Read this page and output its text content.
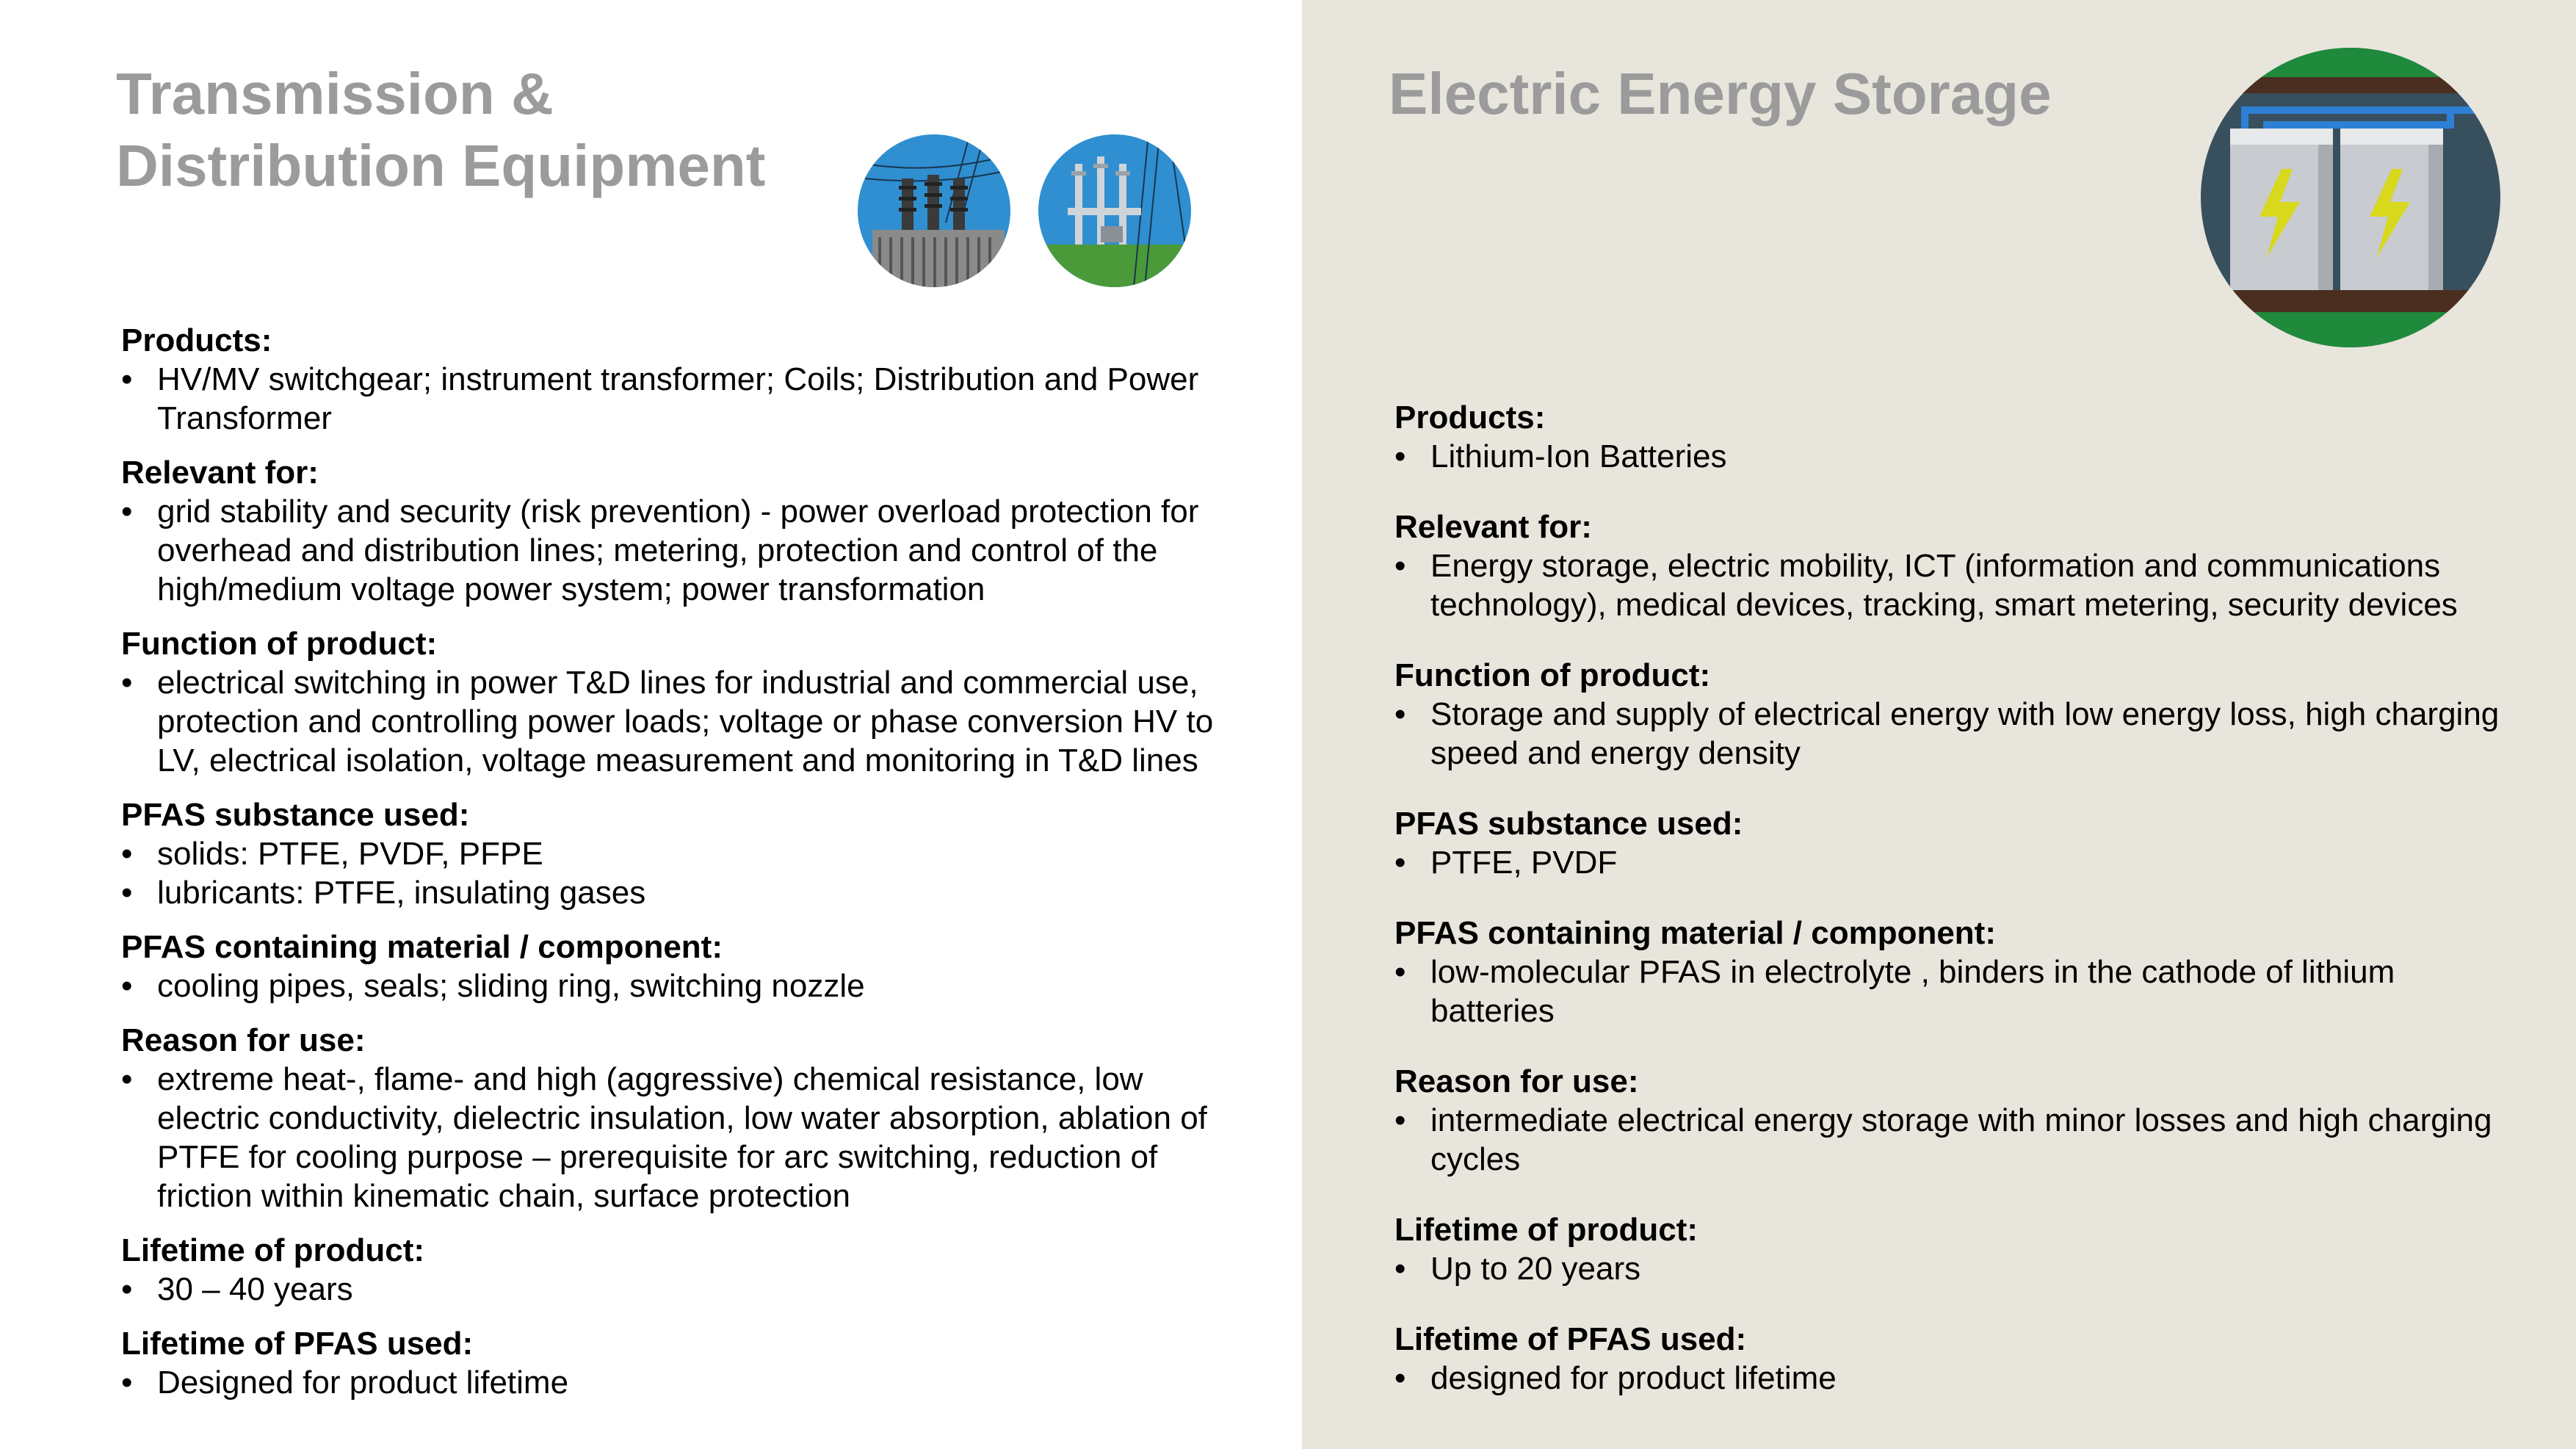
Transmission & Distribution Equipment

Products:

• HV/MV switchgear; instrument transformer; Coils; Distribution and Power Transformer

Relevant for:

• grid stability and security (risk prevention) - power overload protection for overhead and distribution lines; metering, protection and control of the high/medium voltage power system; power transformation

Function of product:

• electrical switching in power T&D lines for industrial and commercial use, protection and controlling power loads; voltage or phase conversion HV to LV, electrical isolation, voltage measurement and monitoring in T&D lines

PFAS substance used:

• solids: PTFE, PVDF, PFPE
• lubricants: PTFE, insulating gases

PFAS containing material / component:

• cooling pipes, seals; sliding ring, switching nozzle

Reason for use:

• extreme heat-, flame- and high (aggressive) chemical resistance, low electric conductivity, dielectric insulation, low water absorption, ablation of PTFE for cooling purpose – prerequisite for arc switching, reduction of friction within kinematic chain, surface protection

Lifetime of product:

• 30 – 40 years

Lifetime of PFAS used:

• Designed for product lifetime
Electric Energy Storage

Products:

• Lithium-Ion Batteries

Relevant for:

• Energy storage, electric mobility, ICT (information and communications technology), medical devices, tracking, smart metering, security devices

Function of product:

• Storage and supply of electrical energy with low energy loss, high charging speed and energy density

PFAS substance used:

• PTFE, PVDF

PFAS containing material / component:

• low-molecular PFAS in electrolyte , binders in the cathode of lithium batteries

Reason for use:

• intermediate electrical energy storage with minor losses and high charging cycles

Lifetime of product:

• Up to 20 years

Lifetime of PFAS used:

• designed for product lifetime
